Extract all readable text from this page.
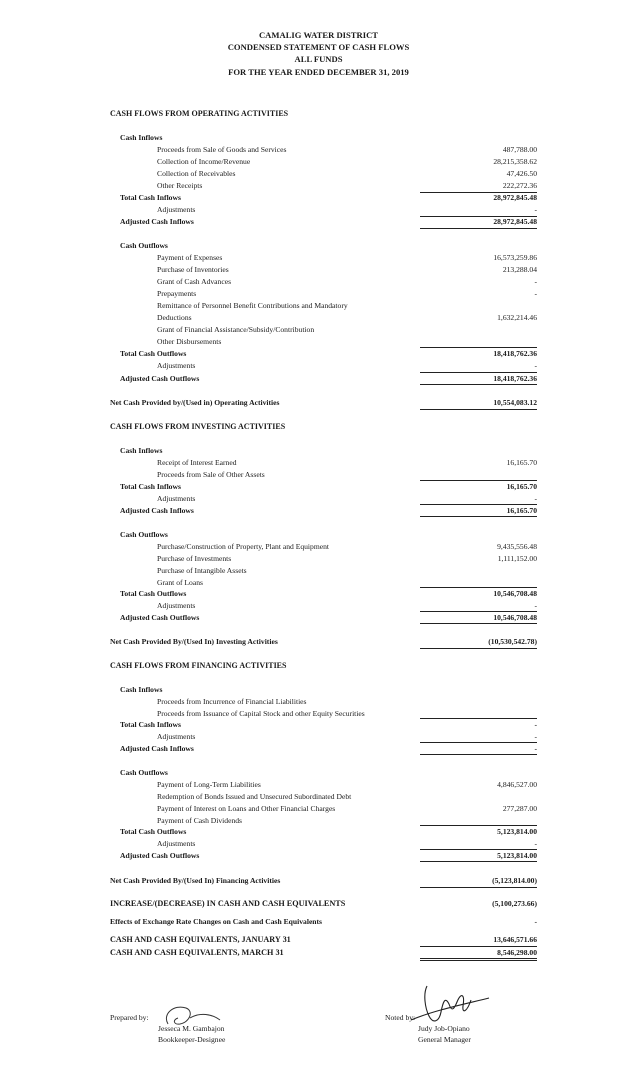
CAMALIG WATER DISTRICT
CONDENSED STATEMENT OF CASH FLOWS
ALL FUNDS
FOR THE YEAR ENDED DECEMBER 31, 2019
CASH FLOWS FROM OPERATING ACTIVITIES
Cash Inflows
Proceeds from Sale of Goods and Services	487,788.00
Collection of Income/Revenue	28,215,358.62
Collection of Receivables	47,426.50
Other Receipts	222,272.36
Total Cash Inflows	28,972,845.48
Adjustments	-
Adjusted Cash Inflows	28,972,845.48
Cash Outflows
Payment of Expenses	16,573,259.86
Purchase of Inventories	213,288.04
Grant of Cash Advances	-
Prepayments	-
Remittance of Personnel Benefit Contributions and Mandatory
Deductions	1,632,214.46
Grant of Financial Assistance/Subsidy/Contribution
Other Disbursements
Total Cash Outflows	18,418,762.36
Adjustments	-
Adjusted Cash Outflows	18,418,762.36
Net Cash Provided by/(Used in) Operating Activities	10,554,083.12
CASH FLOWS FROM INVESTING ACTIVITIES
Cash Inflows
Receipt of Interest Earned	16,165.70
Proceeds from Sale of Other Assets
Total Cash Inflows	16,165.70
Adjustments	-
Adjusted Cash Inflows	16,165.70
Cash Outflows
Purchase/Construction of Property, Plant and Equipment	9,435,556.48
Purchase of Investments	1,111,152.00
Purchase of Intangible Assets
Grant of Loans
Total Cash Outflows	10,546,708.48
Adjustments	-
Adjusted Cash Outflows	10,546,708.48
Net Cash Provided By/(Used In) Investing Activities	(10,530,542.78)
CASH FLOWS FROM FINANCING ACTIVITIES
Cash Inflows
Proceeds from Incurrence of Financial Liabilities
Proceeds from Issuance of Capital Stock and other Equity Securities
Total Cash Inflows	-
Adjustments	-
Adjusted Cash Inflows	-
Cash Outflows
Payment of Long-Term Liabilities	4,846,527.00
Redemption of Bonds Issued and Unsecured Subordinated Debt
Payment of Interest on Loans and Other Financial Charges	277,287.00
Payment of Cash Dividends
Total Cash Outflows	5,123,814.00
Adjustments	-
Adjusted Cash Outflows	5,123,814.00
Net Cash Provided By/(Used In) Financing Activities	(5,123,814.00)
INCREASE/(DECREASE) IN CASH AND CASH EQUIVALENTS	(5,100,273.66)
Effects of Exchange Rate Changes on Cash and Cash Equivalents	-
CASH AND CASH EQUIVALENTS, JANUARY 31	13,646,571.66
CASH AND CASH EQUIVALENTS, MARCH 31	8,546,298.00
Prepared by:
Jesseca M. Gambajon
Bookkeeper-Designee
Noted by:
Judy Job-Opiano
General Manager
